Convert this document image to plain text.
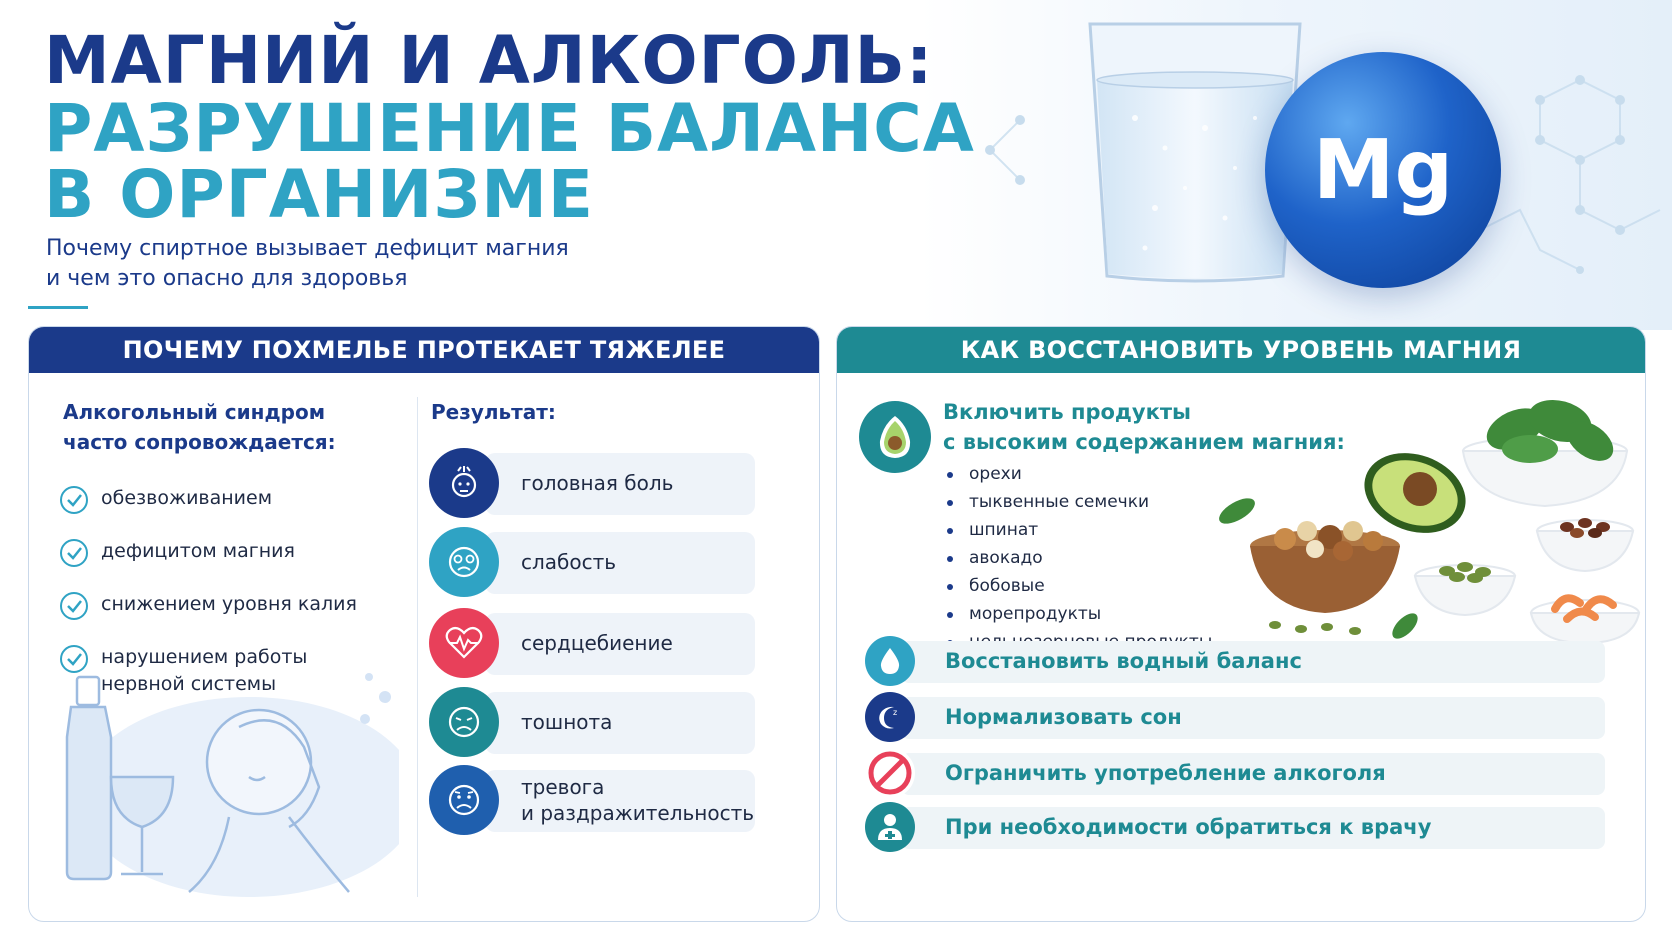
МАГНИЙ И АЛКОГОЛЬ:
РАЗРУШЕНИЕ БАЛАНСА
В ОРГАНИЗМЕ
Почему спиртное вызывает дефицит магния
и чем это опасно для здоровья
Mg
ПОЧЕМУ ПОХМЕЛЬЕ ПРОТЕКАЕТ ТЯЖЕЛЕЕ
Алкогольный синдром
часто сопровождается:
обезвоживанием
дефицитом магния
снижением уровня калия
нарушением работы
нервной системы
Результат:
головная боль
слабость
сердцебиение
тошнота
тревога
и раздражительность
КАК ВОССТАНОВИТЬ УРОВЕНЬ МАГНИЯ
Включить продукты
с высоким содержанием магния:
орехи
тыквенные семечки
шпинат
авокадо
бобовые
морепродукты
Восстановить водный баланс
z Нормализовать сон
Ограничить употребление алкоголя
При необходимости обратиться к врачу
